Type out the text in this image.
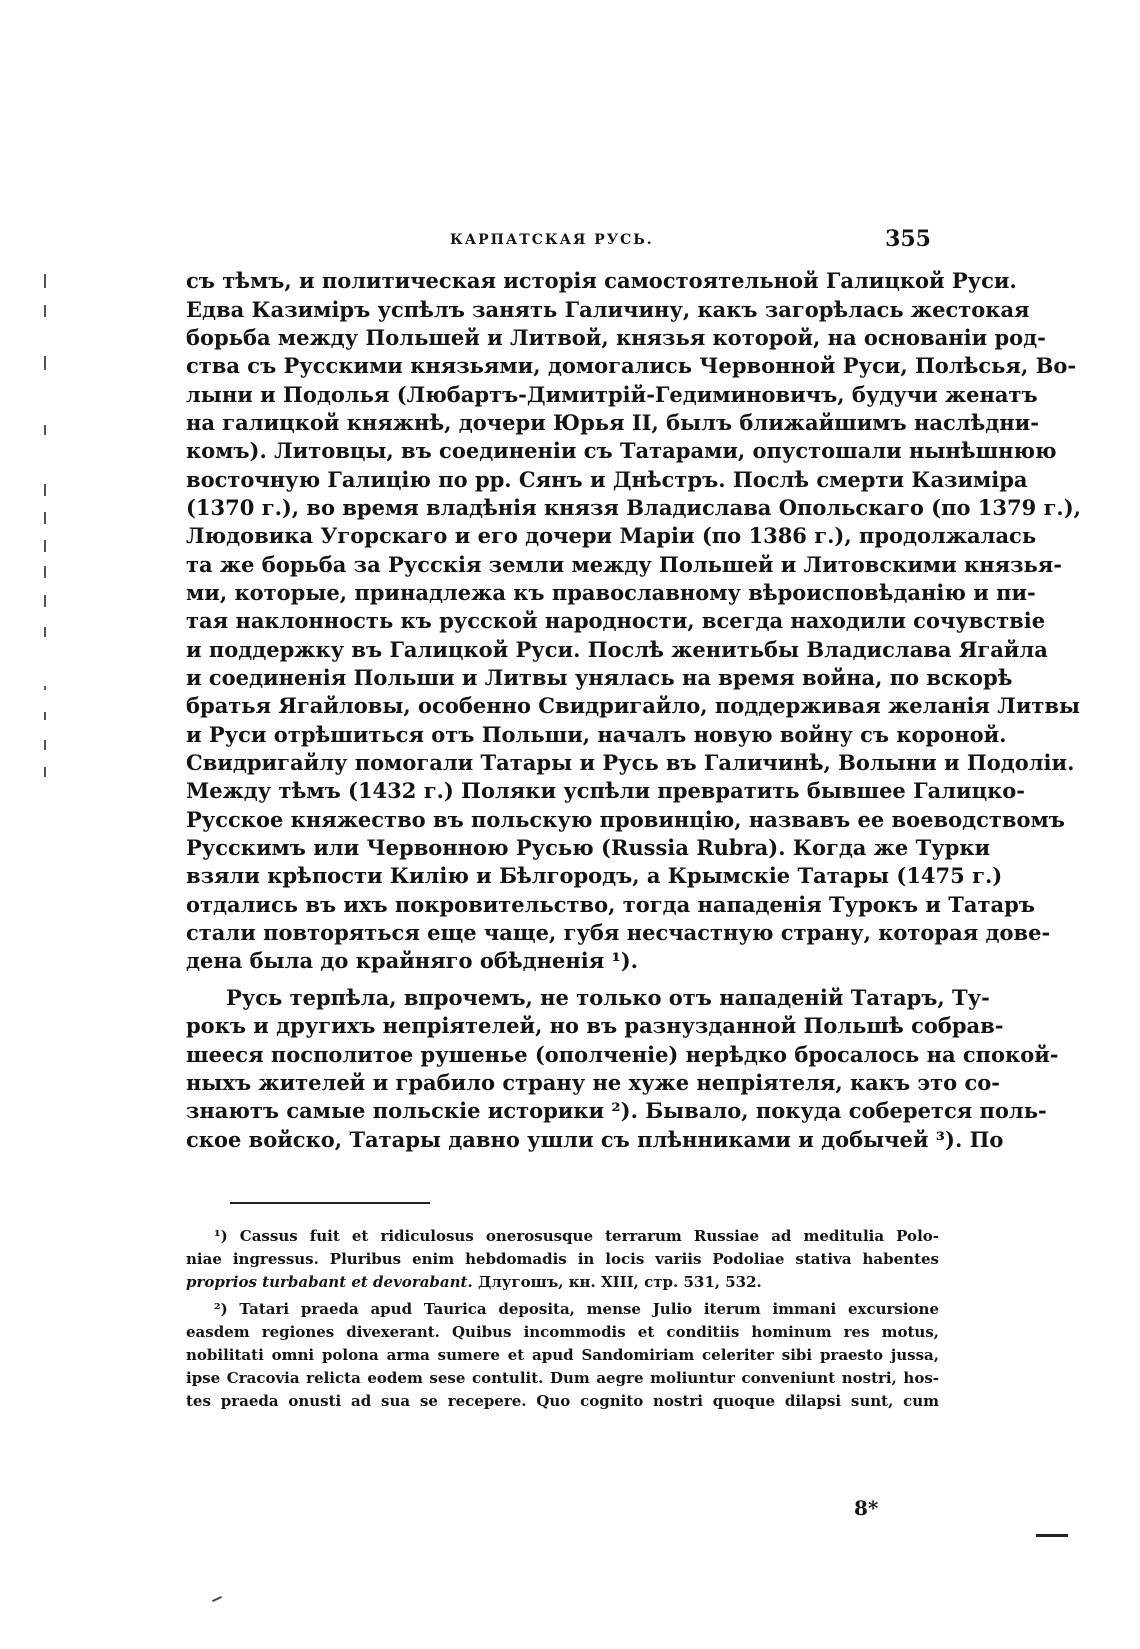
КАРПАТСКАЯ РУСЬ.	355
съ тѣмъ, и политическая исторія самостоятельной Галицкой Руси.
Едва Казиміръ успѣлъ занять Галичину, какъ загорѣлась жестокая
борьба между Польшей и Литвой, князья которой, на основаніи род-
ства съ Русскими князьями, домогались Червонной Руси, Полѣсья, Во-
лыни и Подолья (Любартъ-Димитрій-Гедиминовичъ, будучи женатъ
на галицкой княжнѣ, дочери Юрья II, былъ ближайшимъ наслѣдни-
комъ). Литовцы, въ соединеніи съ Татарами, опустошали нынѣшнюю
восточную Галицію по рр. Сянъ и Днѣстръ. Послѣ смерти Казиміра
(1370 г.), во время владѣнія князя Владислава Опольскаго (по 1379 г.),
Людовика Угорскаго и его дочери Маріи (по 1386 г.), продолжалась
та же борьба за Русскія земли между Польшей и Литовскими князья-
ми, которые, принадлежа къ православному вѣроисповѣданію и пи-
тая наклонность къ русской народности, всегда находили сочувствіе
и поддержку въ Галицкой Руси. Послѣ женитьбы Владислава Ягайла
и соединенія Польши и Литвы унялась на время война, по вскорѣ
братья Ягайловы, особенно Свидригайло, поддерживая желанія Литвы
и Руси отрѣшиться отъ Польши, началъ новую войну съ короной.
Свидригайлу помогали Татары и Русь въ Галичинѣ, Волыни и Подоліи.
Между тѣмъ (1432 г.) Поляки успѣли превратить бывшее Галицко-
Русское княжество въ польскую провинцію, назвавъ ее воеводствомъ
Русскимъ или Червонною Русью (Russia Rubra). Когда же Турки
взяли крѣпости Килію и Бѣлгородъ, а Крымскіе Татары (1475 г.)
отдались въ ихъ покровительство, тогда нападенія Турокъ и Татаръ
стали повторяться еще чаще, губя несчастную страну, которая дове-
дена была до крайняго обѣдненія ¹).
Русь терпѣла, впрочемъ, не только отъ нападеній Татаръ, Ту-
рокъ и другихъ непріятелей, но въ разнузданной Польшѣ собрав-
шееся посполитое рушенье (ополченіе) нерѣдко бросалось на спокой-
ныхъ жителей и грабило страну не хуже непріятеля, какъ это со-
знаютъ самые польскіе историки ²). Бывало, покуда соберется поль-
ское войско, Татары давно ушли съ плѣнниками и добычей ³). По
¹) Cassus fuit et ridiculosus onerosusque terrarum Russiae ad meditulia Polo-
niae ingressus. Pluribus enim hebdomadis in locis variis Podoliae stativa habentes
proprios turbabant et devorabant. Длугошъ, кн. XIII, стр. 531, 532.
²) Tatari praeda apud Taurica deposita, mense Julio iterum immani excursione
easdem regiones divexerant. Quibus incommodis et conditiis hominum res motus,
nobilitati omni polona arma sumere et apud Sandomiriam celeriter sibi praesto jussa,
ipse Cracovia relicta eodem sese contulit. Dum aegre moliuntur conveniunt nostri, hos-
tes praeda onusti ad sua se recepere. Quo cognito nostri quoque dilapsi sunt, cum
8*
